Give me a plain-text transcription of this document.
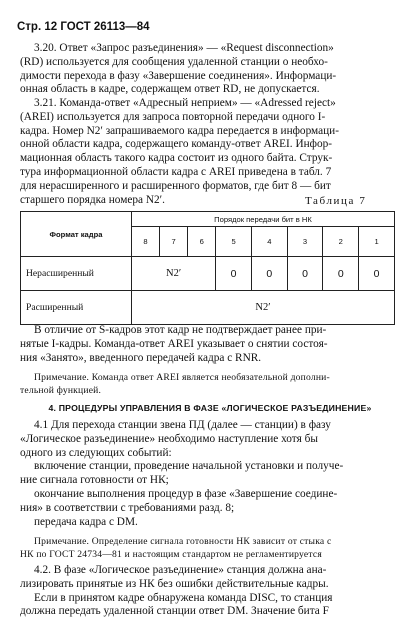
Стр. 12 ГОСТ 26113—84
3.20. Ответ «Запрос разъединения» — «Request disconnection»
(RD) используется для сообщения удаленной станции о необхо-
димости перехода в фазу «Завершение соединения». Информаци-
онная область в кадре, содержащем ответ RD, не допускается.
3.21. Команда-ответ «Адресный неприем» — «Adressed reject»
(AREI) используется для запроса повторной передачи одного I-
кадра. Номер N2′ запрашиваемого кадра передается в информаци-
онной области кадра, содержащего команду-ответ AREI. Инфор-
мационная область такого кадра состоит из одного байта. Струк-
тура информационной области кадра с AREI приведена в табл. 7
для нерасширенного и расширенного форматов, где бит 8 — бит
старшего порядка номера N2′.	Таблица 7
Формат кадра	Порядок передачи бит в НК							
	8	7	6	5	4	3	2	1
Нерасширенный	N2′			0	0	0	0	0
Расширенный	N2′							
В отличие от S-кадров этот кадр не подтверждает ранее при-
нятые I-кадры. Команда-ответ AREI указывает о снятии состоя-
ния «Занято», введенного передачей кадра с RNR.
Примечание. Команда ответ AREI является необязательной дополни-
тельной функцией.
4. ПРОЦЕДУРЫ УПРАВЛЕНИЯ В ФАЗЕ «ЛОГИЧЕСКОЕ РАЗЪЕДИНЕНИЕ»
4.1 Для перехода станции звена ПД (далее — станции) в фазу
«Логическое разъединение» необходимо наступление хотя бы
одного из следующих событий:
включение станции, проведение начальной установки и получе-
ние сигнала готовности от НК;
окончание выполнения процедур в фазе «Завершение соедине-
ния» в соответствии с требованиями разд. 8;
передача кадра с DM.
Примечание. Определение сигнала готовности НК зависит от стыка с
НК по ГОСТ 24734—81 и настоящим стандартом не регламентируется
4.2. В фазе «Логическое разъединение» станция должна ана-
лизировать принятые из НК без ошибки действительные кадры.
Если в принятом кадре обнаружена команда DISC, то станция
должна передать удаленной станции ответ DM. Значение бита F
